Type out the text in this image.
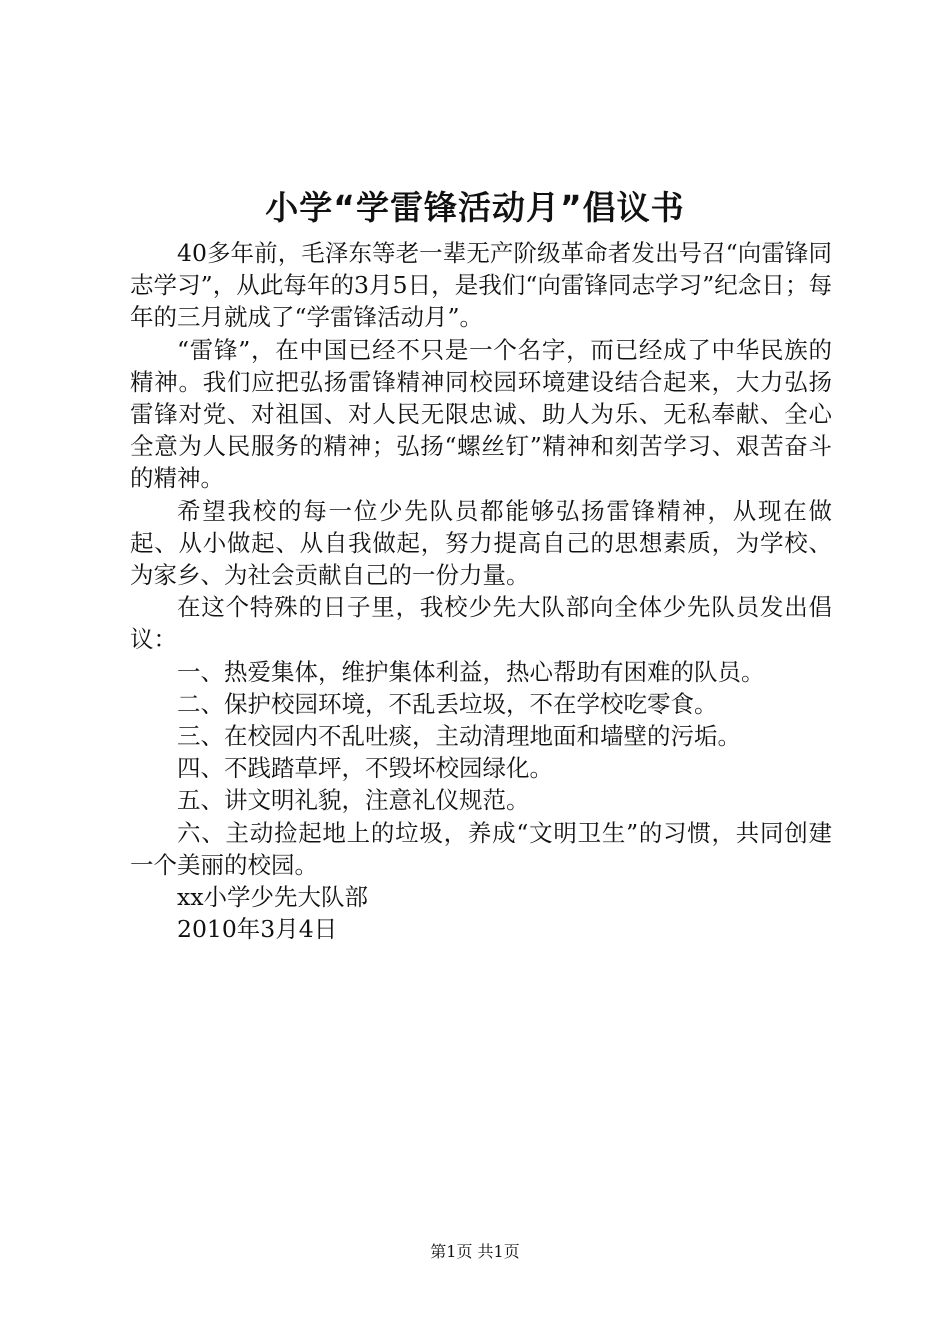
小学“学雷锋活动月”倡议书

40多年前，毛泽东等老一辈无产阶级革命者发出号召“向雷锋同志学习”，从此每年的3月5日，是我们“向雷锋同志学习”纪念日；每年的三月就成了“学雷锋活动月”。

“雷锋”，在中国已经不只是一个名字，而已经成了中华民族的精神。我们应把弘扬雷锋精神同校园环境建设结合起来，大力弘扬雷锋对党、对祖国、对人民无限忠诚、助人为乐、无私奉献、全心全意为人民服务的精神；弘扬“螺丝钉”精神和刻苦学习、艰苦奋斗的精神。

希望我校的每一位少先队员都能够弘扬雷锋精神，从现在做起、从小做起、从自我做起，努力提高自己的思想素质，为学校、为家乡、为社会贡献自己的一份力量。

在这个特殊的日子里，我校少先大队部向全体少先队员发出倡议：

一、热爱集体，维护集体利益，热心帮助有困难的队员。

二、保护校园环境，不乱丢垃圾，不在学校吃零食。

三、在校园内不乱吐痰，主动清理地面和墙壁的污垢。

四、不践踏草坪，不毁坏校园绿化。

五、讲文明礼貌，注意礼仪规范。

六、主动捡起地上的垃圾，养成“文明卫生”的习惯，共同创建一个美丽的校园。

xx小学少先大队部

2010年3月4日

第1页 共1页
